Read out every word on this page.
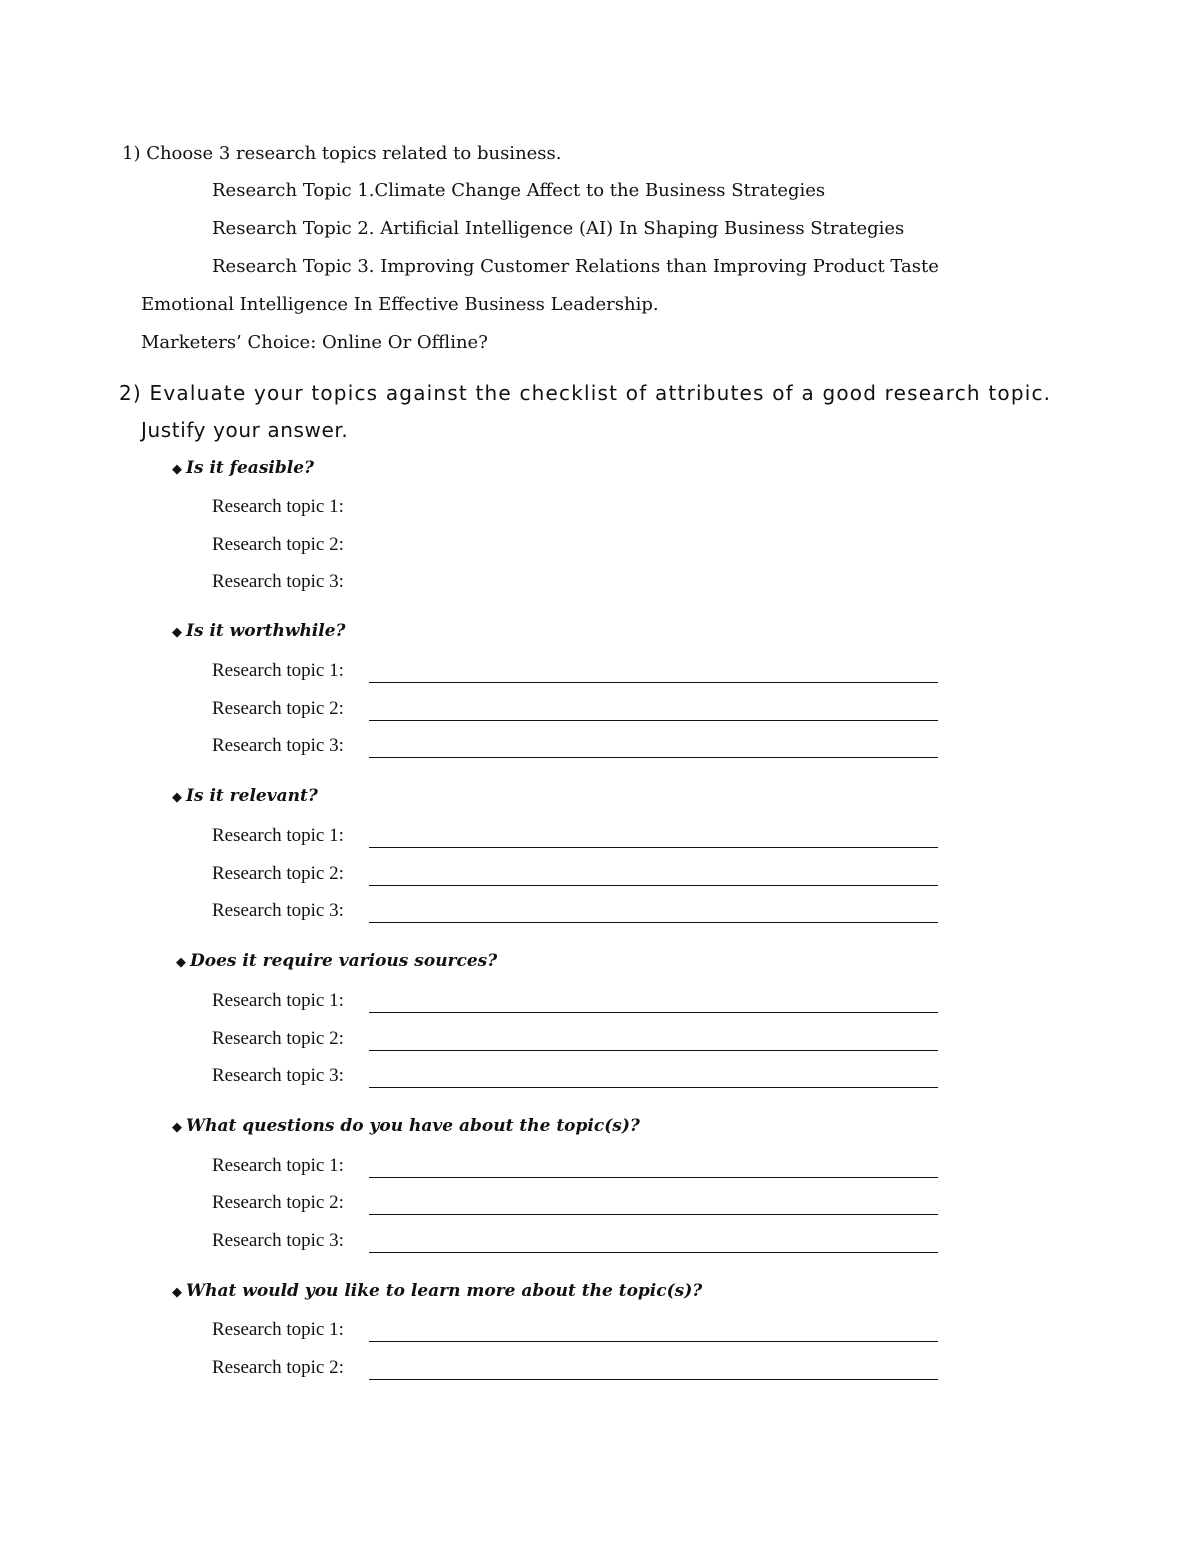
1) Choose 3 research topics related to business.
Research Topic 1.Climate Change Affect to the Business Strategies
Research Topic 2. Artificial Intelligence (AI) In Shaping Business Strategies
Research Topic 3. Improving Customer Relations than Improving Product Taste
Emotional Intelligence In Effective Business Leadership.
Marketers’ Choice: Online Or Offline?
2) Evaluate your topics against the checklist of attributes of a good research topic.
Justify your answer.
◆ Is it feasible?
Research topic 1:
Research topic 2:
Research topic 3:
◆ Is it worthwhile?
Research topic 1:
Research topic 2:
Research topic 3:
◆ Is it relevant?
Research topic 1:
Research topic 2:
Research topic 3:
◆ Does it require various sources?
Research topic 1:
Research topic 2:
Research topic 3:
◆ What questions do you have about the topic(s)?
Research topic 1:
Research topic 2:
Research topic 3:
◆ What would you like to learn more about the topic(s)?
Research topic 1:
Research topic 2:
